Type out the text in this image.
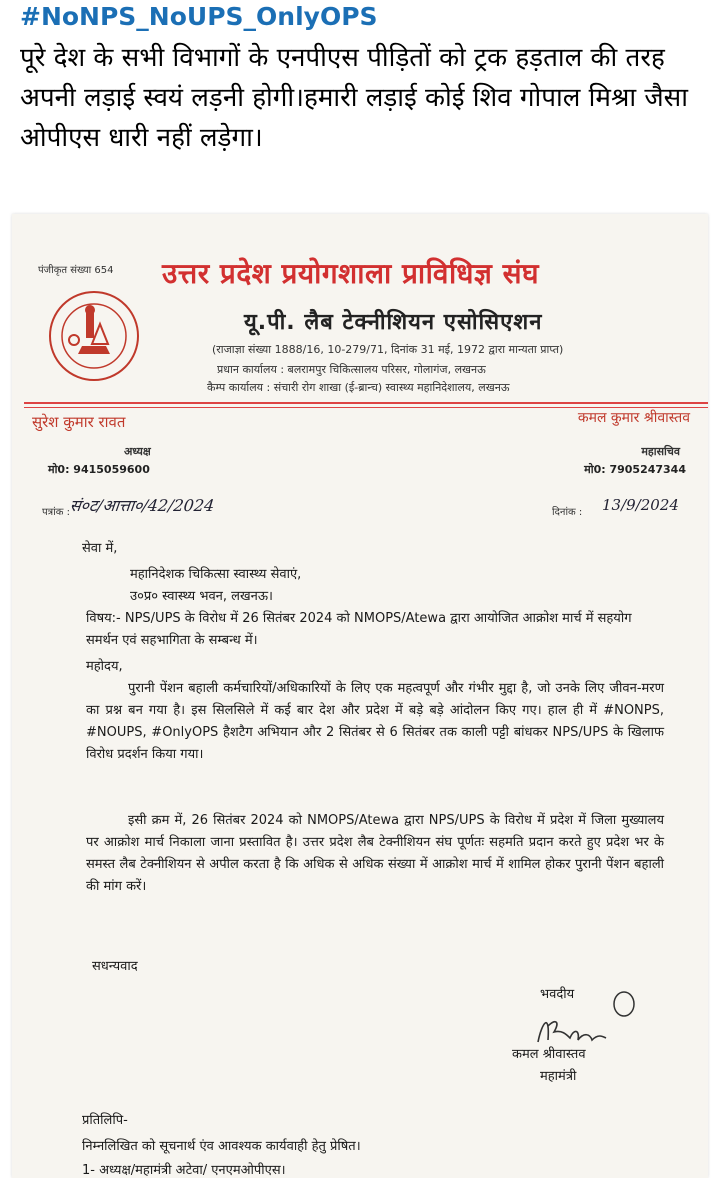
#NoNPS_NoUPS_OnlyOPS
पूरे देश के सभी विभागों के एनपीएस पीड़ितों को ट्रक हड़ताल की तरह अपनी लड़ाई स्वयं लड़नी होगी।हमारी लड़ाई कोई शिव गोपाल मिश्रा जैसा ओपीएस धारी नहीं लड़ेगा।
पंजीकृत संख्या 654 उत्तर प्रदेश प्रयोगशाला प्राविधिज्ञ संघ
यू.पी. लैब टेक्नीशियन एसोसिएशन
(राजाज्ञा संख्या 1888/16, 10-279/71, दिनांक 31 मई, 1972 द्वारा मान्यता प्राप्त)
प्रधान कार्यालय : बलरामपुर चिकित्सालय परिसर, गोलागंज, लखनऊ
कैम्प कार्यालय : संचारी रोग शाखा (ई-ब्रान्च) स्वास्थ्य महानिदेशालय, लखनऊ
सुरेश कुमार रावत	कमल कुमार श्रीवास्तव
अध्यक्ष	महासचिव
मो0: 9415059600	मो0: 7905247344
पत्रांक :
सं०ट/आत्ता०/42/2024	दिनांक : 13/9/2024
सेवा में,
महानिदेशक चिकित्सा स्वास्थ्य सेवाएं,
उ०प्र० स्वास्थ्य भवन, लखनऊ।
विषय:- NPS/UPS के विरोध में 26 सितंबर 2024 को NMOPS/Atewa द्वारा आयोजित आक्रोश मार्च में सहयोग समर्थन एवं सहभागिता के सम्बन्ध में।
महोदय,
पुरानी पेंशन बहाली कर्मचारियों/अधिकारियों के लिए एक महत्वपूर्ण और गंभीर मुद्दा है, जो उनके लिए जीवन-मरण का प्रश्न बन गया है। इस सिलसिले में कई बार देश और प्रदेश में बड़े बड़े आंदोलन किए गए। हाल ही में #NONPS, #NOUPS, #OnlyOPS हैशटैग अभियान और 2 सितंबर से 6 सितंबर तक काली पट्टी बांधकर NPS/UPS के खिलाफ विरोध प्रदर्शन किया गया।
इसी क्रम में, 26 सितंबर 2024 को NMOPS/Atewa द्वारा NPS/UPS के विरोध में प्रदेश में जिला मुख्यालय पर आक्रोश मार्च निकाला जाना प्रस्तावित है। उत्तर प्रदेश लैब टेक्नीशियन संघ पूर्णतः सहमति प्रदान करते हुए प्रदेश भर के समस्त लैब टेक्नीशियन से अपील करता है कि अधिक से अधिक संख्या में आक्रोश मार्च में शामिल होकर पुरानी पेंशन बहाली की मांग करें।
सधन्यवाद
भवदीय
कमल श्रीवास्तव
महामंत्री
प्रतिलिपि-
निम्नलिखित को सूचनार्थ एंव आवश्यक कार्यवाही हेतु प्रेषित।
1- अध्यक्ष/महामंत्री अटेवा/ एनएमओपीएस।
